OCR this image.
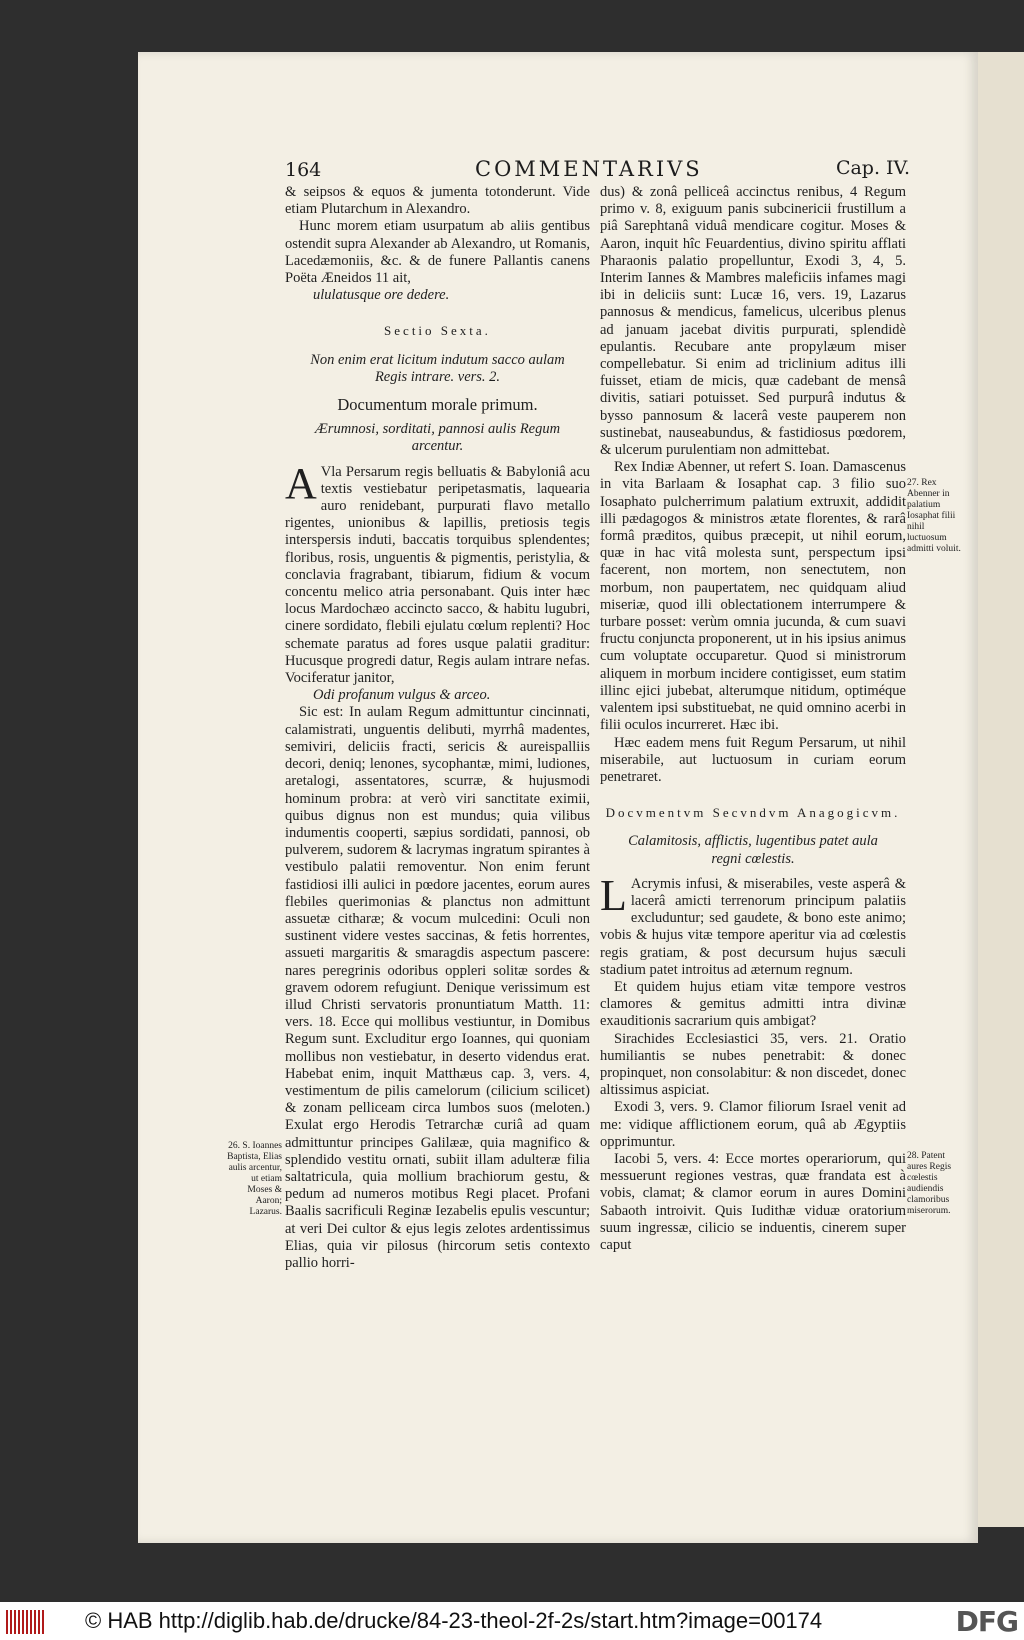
164	COMMENTARIVS	Cap. IV.

& seipsos & equos & jumenta totonderunt. Vide etiam Plutarchum in Alexandro.

Hunc morem etiam usurpatum ab aliis gentibus ostendit supra Alexander ab Alexandro, ut Romanis, Lacedæmoniis, &c. & de funere Pallantis canens Poëta Æneidos 11 ait,

ululatusque ore dedere.

Sectio Sexta.

Non enim erat licitum indutum sacco aulam Regis intrare. vers. 2.

Documentum morale primum.

Ærumnosi, sorditati, pannosi aulis Regum arcentur.

A Vla Persarum regis belluatis & Babyloniâ acu textis vestiebatur peripetasmatis, laquearia auro renidebant, purpurati flavo metallo rigentes, unionibus & lapillis, pretiosis tegis interspersis induti, baccatis torquibus splendentes; floribus, rosis, unguentis & pigmentis, peristylia, & conclavia fragrabant, tibiarum, fidium & vocum concentu melico atria personabant. Quis inter hæc locus Mardochæo accincto sacco, & habitu lugubri, cinere sordidato, flebili ejulatu cœlum replenti? Hoc schemate paratus ad fores usque palatii graditur: Hucusque progredi datur, Regis aulam intrare nefas. Vociferatur janitor,

Odi profanum vulgus & arceo.

Sic est: In aulam Regum admittuntur cincinnati, calamistrati, unguentis delibuti, myrrhâ madentes, semiviri, deliciis fracti, sericis & aureispalliis decori, deniq; lenones, sycophantæ, mimi, ludiones, aretalogi, assentatores, scurræ, & hujusmodi hominum probra: at verò viri sanctitate eximii, quibus dignus non est mundus; quia vilibus indumentis cooperti, sæpius sordidati, pannosi, ob pulverem, sudorem & lacrymas ingratum spirantes à vestibulo palatii removentur. Non enim ferunt fastidiosi illi aulici in pœdore jacentes, eorum aures flebiles querimonias & planctus non admittunt assuetæ citharæ; & vocum mulcedini: Oculi non sustinent videre vestes saccinas, & fetis horrentes, assueti margaritis & smaragdis aspectum pascere: nares peregrinis odoribus oppleri solitæ sordes & gravem odorem refugiunt. Denique verissimum est illud Christi servatoris pronuntiatum Matth. 11: vers. 18. Ecce qui mollibus vestiuntur, in Domibus Regum sunt. Excluditur ergo Ioannes, qui quoniam mollibus non vestiebatur, in deserto videndus erat. Habebat enim, inquit Matthæus cap. 3, vers. 4, vestimentum de pilis camelorum (cilicium scilicet) & zonam pelliceam circa lumbos suos (meloten.) Exulat ergo Herodis Tetrarchæ curiâ ad quam admittuntur principes Galilææ, quia magnifico & splendido vestitu ornati, subiit illam adulteræ filia saltatricula, quia mollium brachiorum gestu, & pedum ad numeros motibus Regi placet. Profani Baalis sacrificuli Reginæ Iezabelis epulis vescuntur; at veri Dei cultor & ejus legis zelotes ardentissimus Elias, quia vir pilosus (hircorum setis contexto pallio horri-

dus) & zonâ pelliceâ accinctus renibus, 4 Regum primo v. 8, exiguum panis subcinericii frustillum a piâ Sarephtanâ viduâ mendicare cogitur. Moses & Aaron, inquit hîc Feuardentius, divino spiritu afflati Pharaonis palatio propelluntur, Exodi 3, 4, 5. Interim Iannes & Mambres maleficiis infames magi ibi in deliciis sunt: Lucæ 16, vers. 19, Lazarus pannosus & mendicus, famelicus, ulceribus plenus ad januam jacebat divitis purpurati, splendidè epulantis. Recubare ante propylæum miser compellebatur. Si enim ad triclinium aditus illi fuisset, etiam de micis, quæ cadebant de mensâ divitis, satiari potuisset. Sed purpurâ indutus & bysso pannosum & lacerâ veste pauperem non sustinebat, nauseabundus, & fastidiosus pœdorem, & ulcerum purulentiam non admittebat.

Rex Indiæ Abenner, ut refert S. Ioan. Damascenus in vita Barlaam & Iosaphat cap. 3 filio suo Iosaphato pulcherrimum palatium extruxit, addidit illi pædagogos & ministros ætate florentes, & rarâ formâ præditos, quibus præcepit, ut nihil eorum, quæ in hac vitâ molesta sunt, perspectum ipsi facerent, non mortem, non senectutem, non morbum, non paupertatem, nec quidquam aliud miseriæ, quod illi oblectationem interrumpere & turbare posset: verùm omnia jucunda, & cum suavi fructu conjuncta proponerent, ut in his ipsius animus cum voluptate occuparetur. Quod si ministrorum aliquem in morbum incidere contigisset, eum statim illinc ejici jubebat, alterumque nitidum, optiméque valentem ipsi substituebat, ne quid omnino acerbi in filii oculos incurreret. Hæc ibi.

Hæc eadem mens fuit Regum Persarum, ut nihil miserabile, aut luctuosum in curiam eorum penetraret.

Docvmentvm Secvndvm Anagogicvm.

Calamitosis, afflictis, lugentibus patet aula regni cœlestis.

L Acrymis infusi, & miserabiles, veste asperâ & lacerâ amicti terrenorum principum palatiis excluduntur; sed gaudete, & bono este animo; vobis & hujus vitæ tempore aperitur via ad cœlestis regis gratiam, & post decursum hujus sæculi stadium patet introitus ad æternum regnum.

Et quidem hujus etiam vitæ tempore vestros clamores & gemitus admitti intra divinæ exauditionis sacrarium quis ambigat?

Sirachides Ecclesiastici 35, vers. 21. Oratio humiliantis se nubes penetrabit: & donec propinquet, non consolabitur: & non discedet, donec altissimus aspiciat.

Exodi 3, vers. 9. Clamor filiorum Israel venit ad me: vidique afflictionem eorum, quâ ab Ægyptiis opprimuntur.

Iacobi 5, vers. 4: Ecce mortes operariorum, qui messuerunt regiones vestras, quæ frandata est à vobis, clamat; & clamor eorum in aures Domini Sabaoth introivit. Quis Iudithæ viduæ oratorium suum ingressæ, cilicio se induentis, cinerem super caput

26. S. Ioannes Baptista, Elias aulis arcentur, ut etiam Moses & Aaron; Lazarus.
27. Rex Abenner in palatium Iosaphat filii nihil luctuosum admitti voluit.
28. Patent aures Regis cœlestis audiendis clamoribus miserorum.
© HAB http://diglib.hab.de/drucke/84-23-theol-2f-2s/start.htm?image=00174	DFG
